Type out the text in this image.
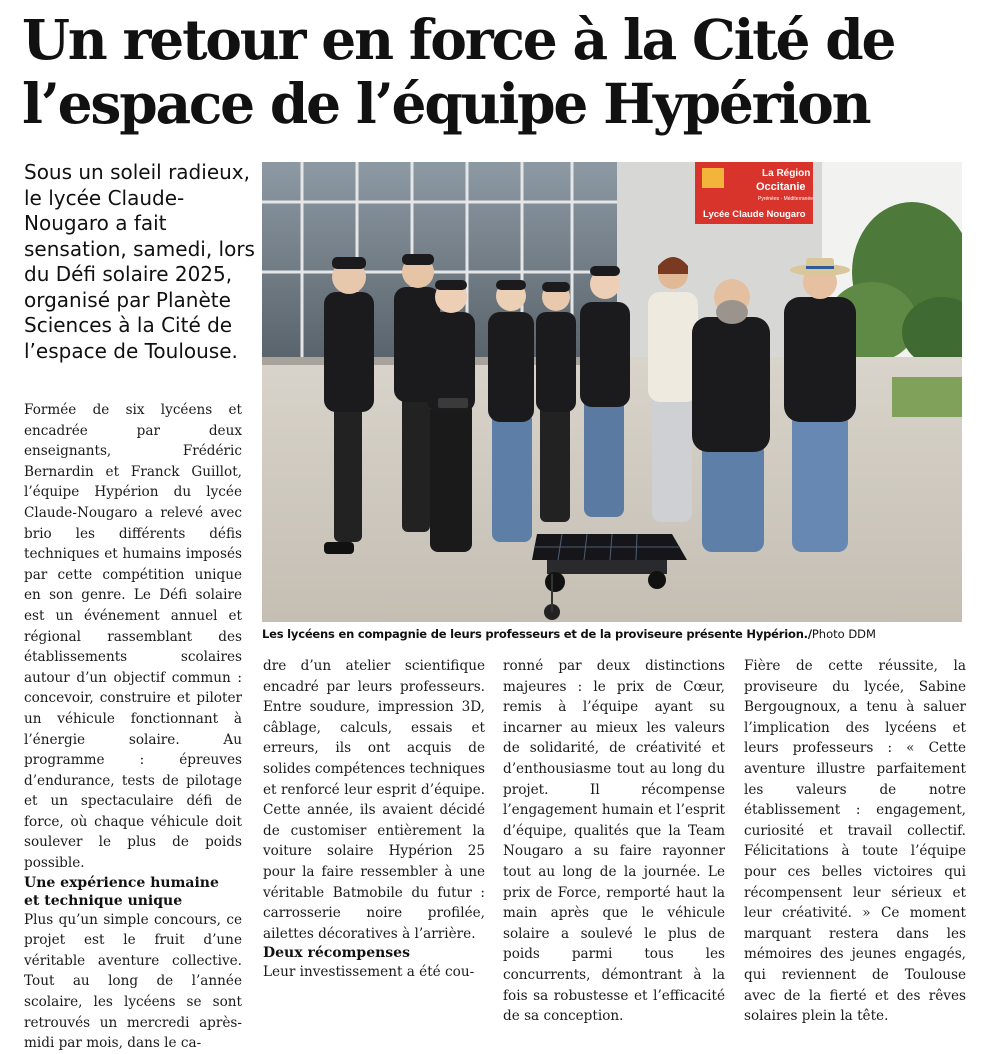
Un retour en force à la Cité de
l’espace de l’équipe Hypérion
Sous un soleil radieux, le lycée Claude-Nougaro a fait sensation, samedi, lors du Défi solaire 2025, organisé par Planète Sciences à la Cité de l’espace de Toulouse.
La Région
Occitanie
Pyrénées · Méditerranée
Lycée Claude Nougaro
Les lycéens en compagnie de leurs professeurs et de la proviseure présente Hypérion./Photo DDM

Formée de six lycéens et encadrée par deux enseignants, Frédéric Bernardin et Franck Guillot, l’équipe Hypérion du lycée Claude-Nougaro a relevé avec brio les différents défis techniques et humains imposés par cette compétition unique en son genre. Le Défi solaire est un événement annuel et régional rassemblant des établissements scolaires autour d’un objectif commun : concevoir, construire et piloter un véhicule fonctionnant à l’énergie solaire. Au programme : épreuves d’endurance, tests de pilotage et un spectaculaire défi de force, où chaque véhicule doit soulever le plus de poids possible.

Une expérience humaine
et technique unique

Plus qu’un simple concours, ce projet est le fruit d’une véritable aventure collective. Tout au long de l’année scolaire, les lycéens se sont retrouvés un mercredi après-midi par mois, dans le ca-

dre d’un atelier scientifique encadré par leurs professeurs. Entre soudure, impression 3D, câblage, calculs, essais et erreurs, ils ont acquis de solides compétences techniques et renforcé leur esprit d’équipe. Cette année, ils avaient décidé de customiser entièrement la voiture solaire Hypérion 25 pour la faire ressembler à une véritable Batmobile du futur : carrosserie noire profilée, ailettes décoratives à l’arrière.

Deux récompenses

Leur investissement a été cou-

ronné par deux distinctions majeures : le prix de Cœur, remis à l’équipe ayant su incarner au mieux les valeurs de solidarité, de créativité et d’enthousiasme tout au long du projet. Il récompense l’engagement humain et l’esprit d’équipe, qualités que la Team Nougaro a su faire rayonner tout au long de la journée. Le prix de Force, remporté haut la main après que le véhicule solaire a soulevé le plus de poids parmi tous les concurrents, démontrant à la fois sa robustesse et l’efficacité de sa conception.

Fière de cette réussite, la proviseure du lycée, Sabine Bergougnoux, a tenu à saluer l’implication des lycéens et leurs professeurs : « Cette aventure illustre parfaitement les valeurs de notre établissement : engagement, curiosité et travail collectif. Félicitations à toute l’équipe pour ces belles victoires qui récompensent leur sérieux et leur créativité. » Ce moment marquant restera dans les mémoires des jeunes engagés, qui reviennent de Toulouse avec de la fierté et des rêves solaires plein la tête.
